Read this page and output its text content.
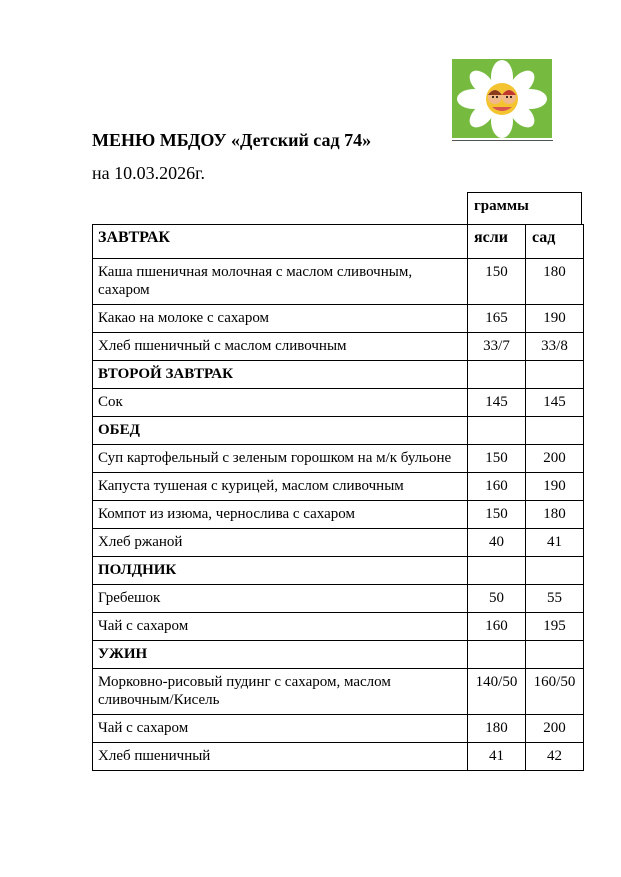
МЕНЮ МБДОУ «Детский сад 74»
на 10.03.2026г.
граммы
ЗАВТРАК	ясли	сад
Каша пшеничная молочная с маслом сливочным, сахаром	150	180
Какао на молоке с сахаром	165	190
Хлеб пшеничный с маслом сливочным	33/7	33/8
ВТОРОЙ ЗАВТРАК		
Сок	145	145
ОБЕД		
Суп картофельный с зеленым горошком на м/к бульоне	150	200
Капуста тушеная с курицей, маслом сливочным	160	190
Компот из изюма, чернослива с сахаром	150	180
Хлеб ржаной	40	41
ПОЛДНИК		
Гребешок	50	55
Чай с сахаром	160	195
УЖИН		
Морковно-рисовый пудинг с сахаром, маслом сливочным/Кисель	140/50	160/50
Чай с сахаром	180	200
Хлеб пшеничный	41	42
